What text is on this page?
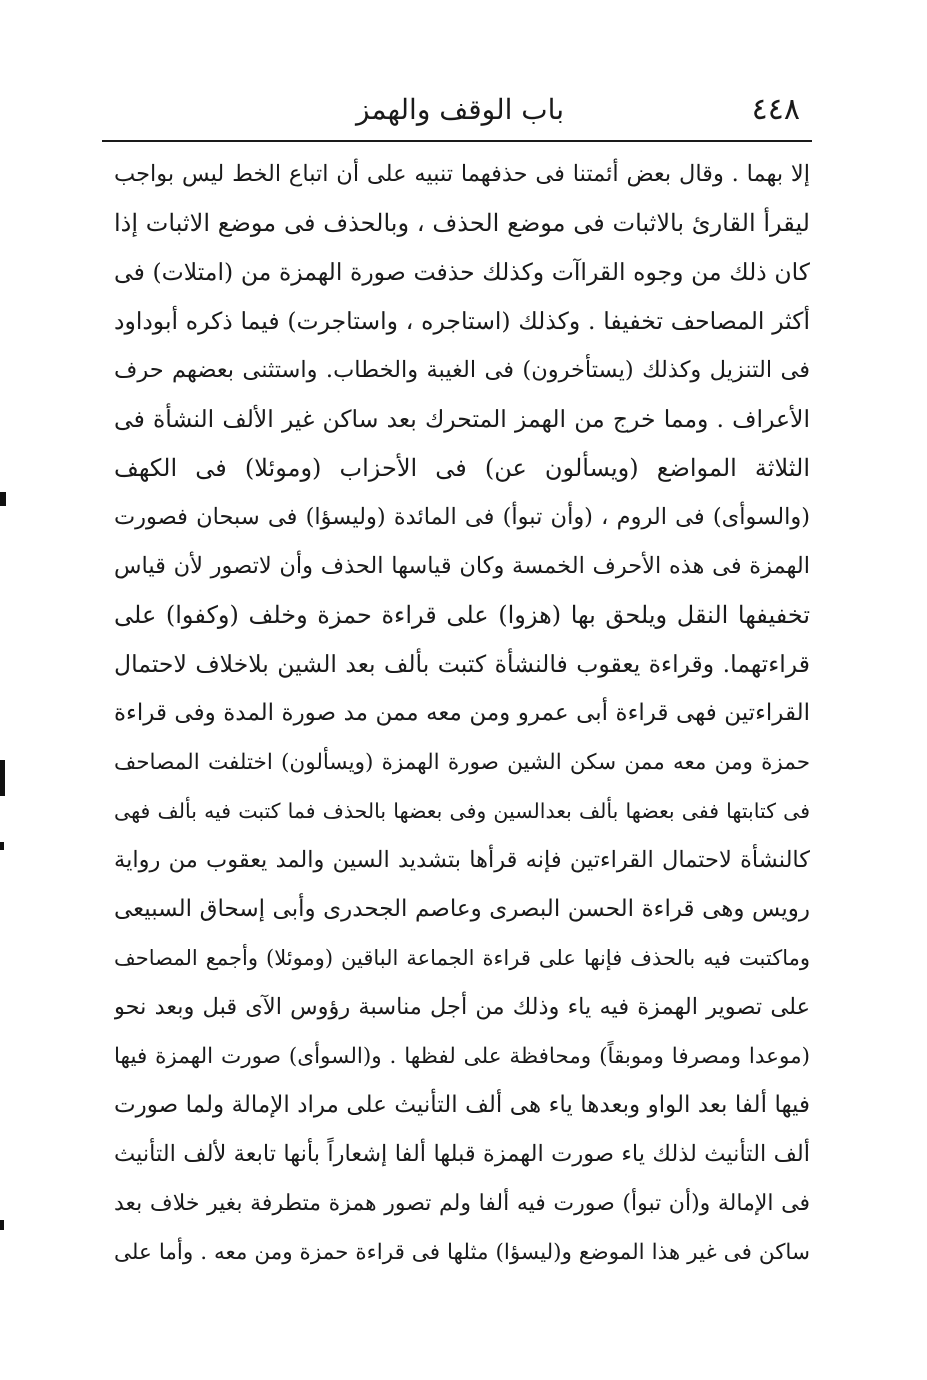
٤٤٨
باب الوقف والهمز
إلا بهما . وقال بعض أئمتنا فى حذفهما تنبيه على أن اتباع الخط ليس بواجب
ليقرأ القارئ بالاثبات فى موضع الحذف ، وبالحذف فى موضع الاثبات إذا
كان ذلك من وجوه القراآت وكذلك حذفت صورة الهمزة من (امتلات) فى
أكثر المصاحف تخفيفا . وكذلك (استاجره ، واستاجرت) فيما ذكره أبوداود
فى التنزيل وكذلك (يستأخرون) فى الغيبة والخطاب. واستثنى بعضهم حرف
الأعراف . ومما خرج من الهمز المتحرك بعد ساكن غير الألف النشأة فى
الثلاثة المواضع (ويسألون عن) فى الأحزاب (وموئلا) فى الكهف
(والسوأى) فى الروم ، (وأن تبوأ) فى المائدة (وليسؤا) فى سبحان فصورت
الهمزة فى هذه الأحرف الخمسة وكان قياسها الحذف وأن لاتصور لأن قياس
تخفيفها النقل ويلحق بها (هزوا) على قراءة حمزة وخلف (وكفوا) على
قراءتهما. وقراءة يعقوب فالنشأة كتبت بألف بعد الشين بلاخلاف لاحتمال
القراءتين فهى قراءة أبى عمرو ومن معه ممن مد صورة المدة وفى قراءة
حمزة ومن معه ممن سكن الشين صورة الهمزة (ويسألون) اختلفت المصاحف
فى كتابتها ففى بعضها بألف بعدالسين وفى بعضها بالحذف فما كتبت فيه بألف فهى
كالنشأة لاحتمال القراءتين فإنه قرأها بتشديد السين والمد يعقوب من رواية
رويس وهى قراءة الحسن البصرى وعاصم الجحدرى وأبى إسحاق السبيعى
وماكتبت فيه بالحذف فإنها على قراءة الجماعة الباقين (وموئلا) وأجمع المصاحف
على تصوير الهمزة فيه ياء وذلك من أجل مناسبة رؤوس الآى قبل وبعد نحو
(موعدا ومصرفا وموبقاً) ومحافظة على لفظها . و(السوأى) صورت الهمزة فيها
فيها ألفا بعد الواو وبعدها ياء هى ألف التأنيث على مراد الإمالة ولما صورت
ألف التأنيث لذلك ياء صورت الهمزة قبلها ألفا إشعاراً بأنها تابعة لألف التأنيث
فى الإمالة و(أن تبوأ) صورت فيه ألفا ولم تصور همزة متطرفة بغير خلاف بعد
ساكن فى غير هذا الموضع و(ليسؤا) مثلها فى قراءة حمزة ومن معه . وأما على
